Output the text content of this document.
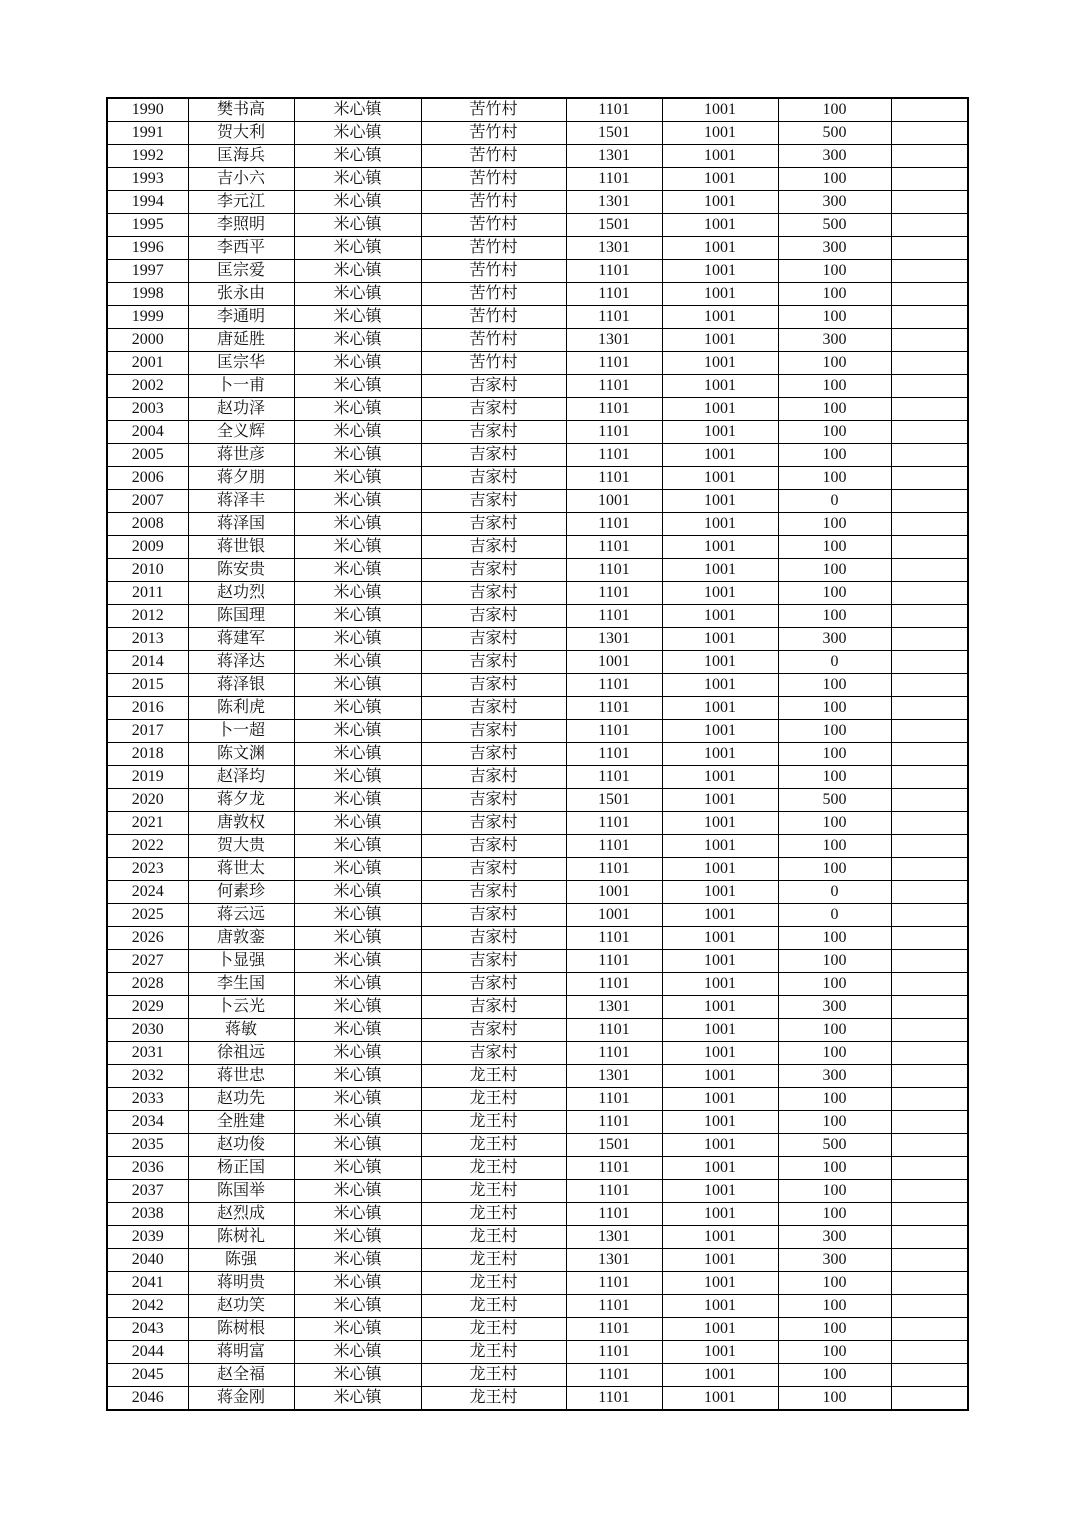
1990	樊书高	米心镇	苦竹村	1101	1001	100	
1991	贺大利	米心镇	苦竹村	1501	1001	500	
1992	匡海兵	米心镇	苦竹村	1301	1001	300	
1993	吉小六	米心镇	苦竹村	1101	1001	100	
1994	李元江	米心镇	苦竹村	1301	1001	300	
1995	李照明	米心镇	苦竹村	1501	1001	500	
1996	李西平	米心镇	苦竹村	1301	1001	300	
1997	匡宗爱	米心镇	苦竹村	1101	1001	100	
1998	张永由	米心镇	苦竹村	1101	1001	100	
1999	李通明	米心镇	苦竹村	1101	1001	100	
2000	唐延胜	米心镇	苦竹村	1301	1001	300	
2001	匡宗华	米心镇	苦竹村	1101	1001	100	
2002	卜一甫	米心镇	吉家村	1101	1001	100	
2003	赵功泽	米心镇	吉家村	1101	1001	100	
2004	全义辉	米心镇	吉家村	1101	1001	100	
2005	蒋世彦	米心镇	吉家村	1101	1001	100	
2006	蒋夕朋	米心镇	吉家村	1101	1001	100	
2007	蒋泽丰	米心镇	吉家村	1001	1001	0	
2008	蒋泽国	米心镇	吉家村	1101	1001	100	
2009	蒋世银	米心镇	吉家村	1101	1001	100	
2010	陈安贵	米心镇	吉家村	1101	1001	100	
2011	赵功烈	米心镇	吉家村	1101	1001	100	
2012	陈国理	米心镇	吉家村	1101	1001	100	
2013	蒋建军	米心镇	吉家村	1301	1001	300	
2014	蒋泽达	米心镇	吉家村	1001	1001	0	
2015	蒋泽银	米心镇	吉家村	1101	1001	100	
2016	陈利虎	米心镇	吉家村	1101	1001	100	
2017	卜一超	米心镇	吉家村	1101	1001	100	
2018	陈文渊	米心镇	吉家村	1101	1001	100	
2019	赵泽均	米心镇	吉家村	1101	1001	100	
2020	蒋夕龙	米心镇	吉家村	1501	1001	500	
2021	唐敦权	米心镇	吉家村	1101	1001	100	
2022	贺大贵	米心镇	吉家村	1101	1001	100	
2023	蒋世太	米心镇	吉家村	1101	1001	100	
2024	何素珍	米心镇	吉家村	1001	1001	0	
2025	蒋云远	米心镇	吉家村	1001	1001	0	
2026	唐敦銮	米心镇	吉家村	1101	1001	100	
2027	卜显强	米心镇	吉家村	1101	1001	100	
2028	李生国	米心镇	吉家村	1101	1001	100	
2029	卜云光	米心镇	吉家村	1301	1001	300	
2030	蒋敏	米心镇	吉家村	1101	1001	100	
2031	徐祖远	米心镇	吉家村	1101	1001	100	
2032	蒋世忠	米心镇	龙王村	1301	1001	300	
2033	赵功先	米心镇	龙王村	1101	1001	100	
2034	全胜建	米心镇	龙王村	1101	1001	100	
2035	赵功俊	米心镇	龙王村	1501	1001	500	
2036	杨正国	米心镇	龙王村	1101	1001	100	
2037	陈国举	米心镇	龙王村	1101	1001	100	
2038	赵烈成	米心镇	龙王村	1101	1001	100	
2039	陈树礼	米心镇	龙王村	1301	1001	300	
2040	陈强	米心镇	龙王村	1301	1001	300	
2041	蒋明贵	米心镇	龙王村	1101	1001	100	
2042	赵功笑	米心镇	龙王村	1101	1001	100	
2043	陈树根	米心镇	龙王村	1101	1001	100	
2044	蒋明富	米心镇	龙王村	1101	1001	100	
2045	赵全福	米心镇	龙王村	1101	1001	100	
2046	蒋金刚	米心镇	龙王村	1101	1001	100	
